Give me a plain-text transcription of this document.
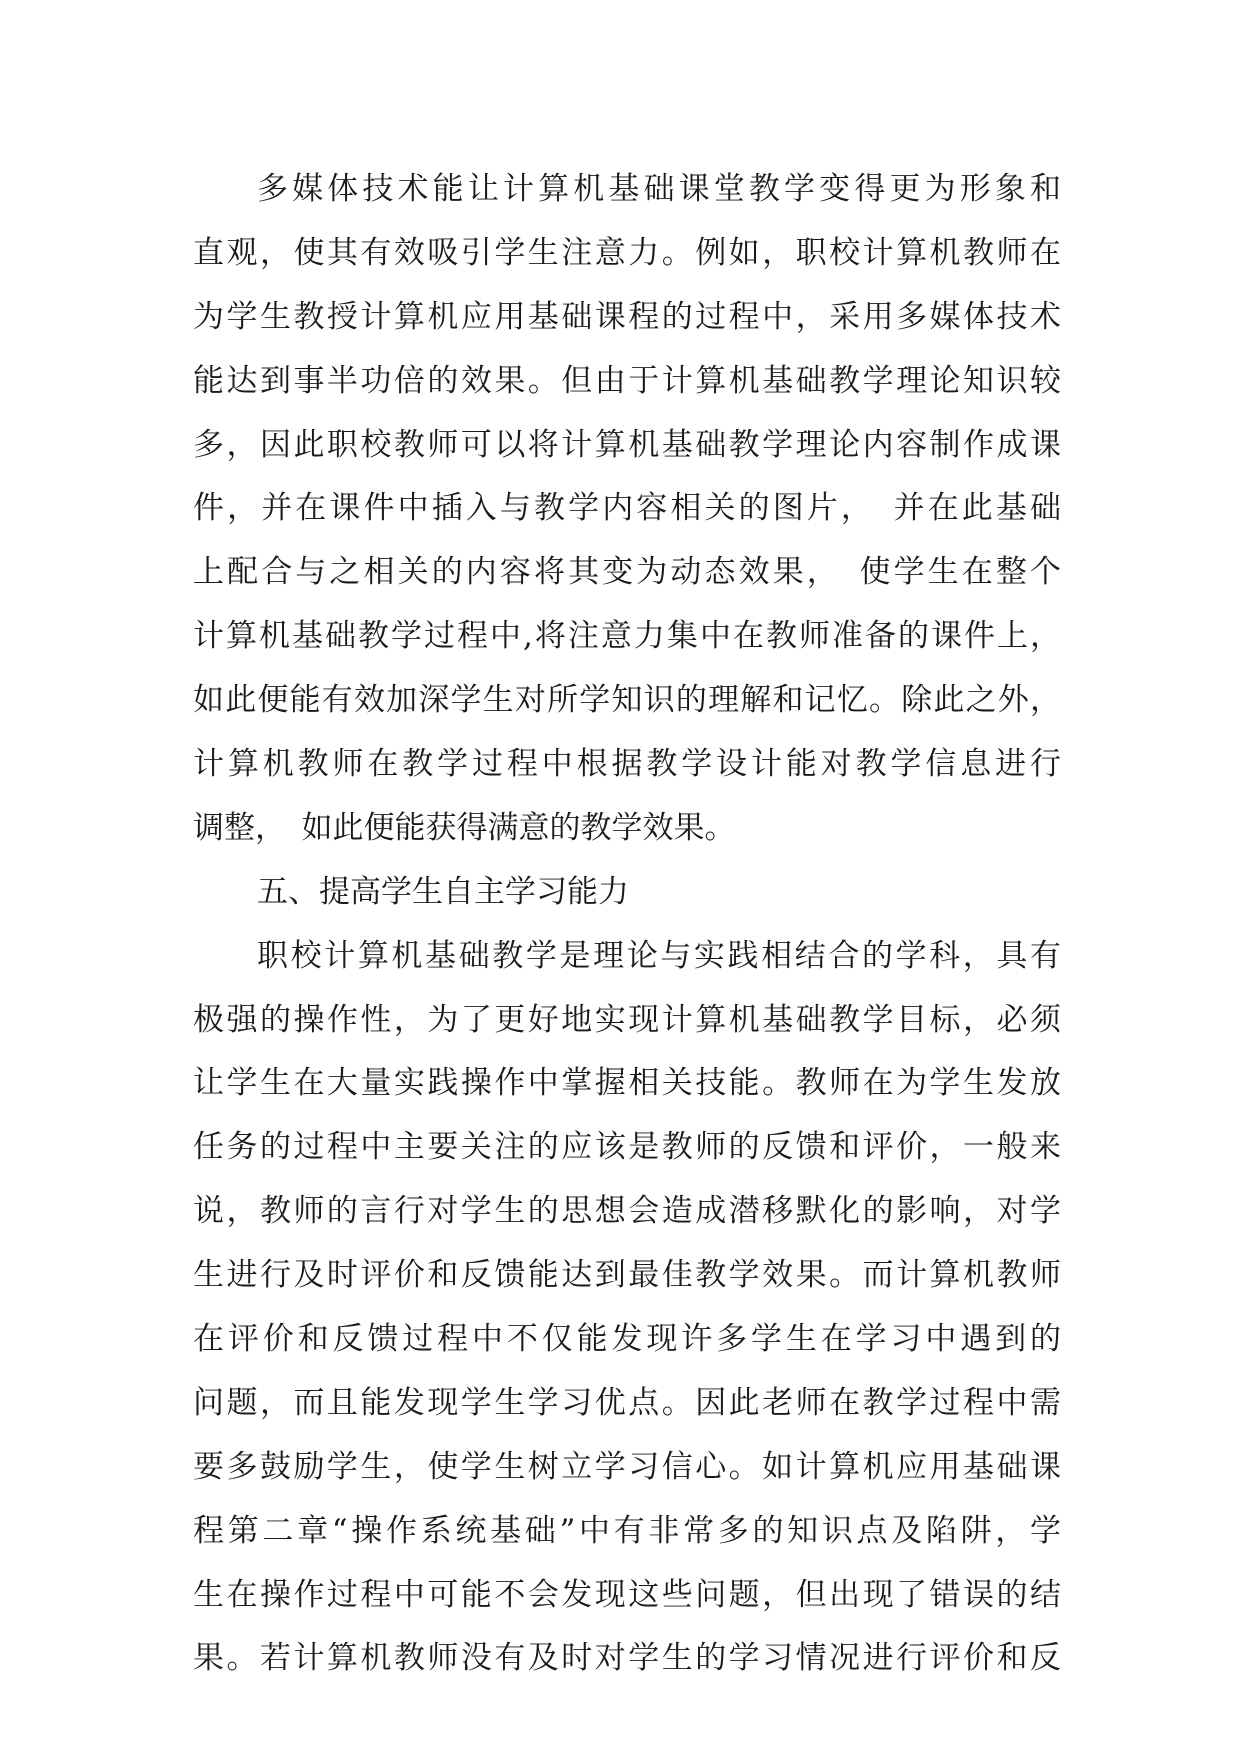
多媒体技术能让计算机基础课堂教学变得更为形象和
直观，使其有效吸引学生注意力。例如，职校计算机教师在
为学生教授计算机应用基础课程的过程中，采用多媒体技术
能达到事半功倍的效果。但由于计算机基础教学理论知识较
多，因此职校教师可以将计算机基础教学理论内容制作成课
件，并在课件中插入与教学内容相关的图片，　并在此基础
上配合与之相关的内容将其变为动态效果，　使学生在整个
计算机基础教学过程中,将注意力集中在教师准备的课件上，
如此便能有效加深学生对所学知识的理解和记忆。除此之外，
计算机教师在教学过程中根据教学设计能对教学信息进行
调整，　如此便能获得满意的教学效果。
五、提高学生自主学习能力
职校计算机基础教学是理论与实践相结合的学科，具有
极强的操作性，为了更好地实现计算机基础教学目标，必须
让学生在大量实践操作中掌握相关技能。教师在为学生发放
任务的过程中主要关注的应该是教师的反馈和评价，一般来
说，教师的言行对学生的思想会造成潜移默化的影响，对学
生进行及时评价和反馈能达到最佳教学效果。而计算机教师
在评价和反馈过程中不仅能发现许多学生在学习中遇到的
问题，而且能发现学生学习优点。因此老师在教学过程中需
要多鼓励学生，使学生树立学习信心。如计算机应用基础课
程第二章“操作系统基础”中有非常多的知识点及陷阱，学
生在操作过程中可能不会发现这些问题，但出现了错误的结
果。若计算机教师没有及时对学生的学习情况进行评价和反
